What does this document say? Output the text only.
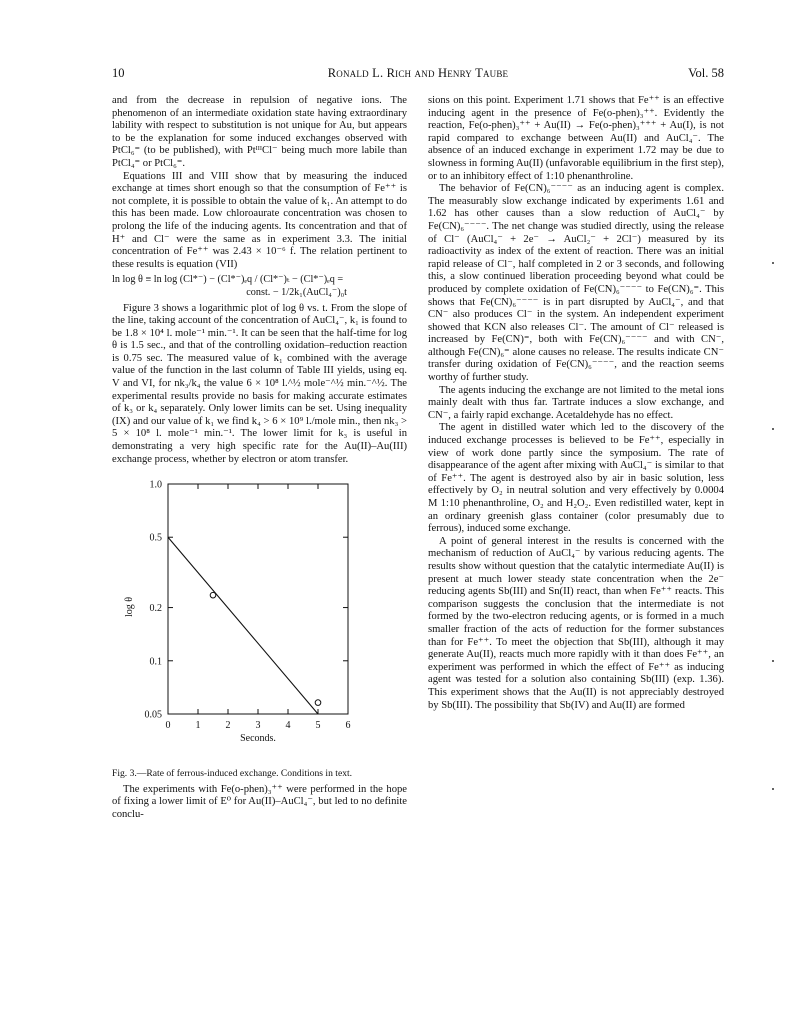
10	Ronald L. Rich and Henry Taube	Vol. 58

and from the decrease in repulsion of negative ions. The phenomenon of an intermediate oxidation state having extraordinary lability with respect to substitution is not unique for Au, but appears to be the explanation for some induced exchanges observed with PtCl₆⁼ (to be published), with PtᴵᴵᴵCl⁻ being much more labile than PtCl₄⁼ or PtCl₆⁼.

Equations III and VIII show that by measuring the induced exchange at times short enough so that the consumption of Fe⁺⁺ is not complete, it is possible to obtain the value of k₁. An attempt to do this has been made. Low chloroaurate concentration was chosen to prolong the life of the inducing agents. Its concentration and that of H⁺ and Cl⁻ were the same as in experiment 3.3. The initial concentration of Fe⁺⁺ was 2.43 × 10⁻⁶ f. The relation pertinent to these results is equation (VII)

ln log θ ≡ ln log (Cl*⁻) − (Cl*⁻)ₑq / (Cl*⁻)ₜ − (Cl*⁻)ₑq =
const. − 1/2k₁(AuCl₄⁻)₀t

Figure 3 shows a logarithmic plot of log θ vs. t. From the slope of the line, taking account of the concentration of AuCl₄⁻, k₁ is found to be 1.8 × 10⁴ l. mole⁻¹ min.⁻¹. It can be seen that the half-time for log θ is 1.5 sec., and that of the controlling oxidation–reduction reaction is 0.75 sec. The measured value of k₁ combined with the average value of the function in the last column of Table III yields, using eq. V and VI, for nk₃/k₄ the value 6 × 10⁸ l.^½ mole⁻^½ min.⁻^½. The experimental results provide no basis for making accurate estimates of k₃ or k₄ separately. Only lower limits can be set. Using inequality (IX) and our value of k₁ we find k₄ > 6 × 10⁹ l./mole min., then nk₃ > 5 × 10⁸ l. mole⁻¹ min.⁻¹. The lower limit for k₃ is useful in demonstrating a very high specific rate for the Au(II)–Au(III) exchange process, whether by electron or atom transfer.

0	1	2	3	4	5	6
0.05
0.1
0.2
0.5
1.0
Seconds.
log θ
Fig. 3.—Rate of ferrous-induced exchange. Conditions in text.

The experiments with Fe(o-phen)₃⁺⁺ were performed in the hope of fixing a lower limit of E⁰ for Au(II)–AuCl₄⁻, but led to no definite conclu-

sions on this point. Experiment 1.71 shows that Fe⁺⁺ is an effective inducing agent in the presence of Fe(o-phen)₃⁺⁺. Evidently the reaction, Fe(o-phen)₃⁺⁺ + Au(II) → Fe(o-phen)₃⁺⁺⁺ + Au(I), is not rapid compared to exchange between Au(II) and AuCl₄⁻. The absence of an induced exchange in experiment 1.72 may be due to slowness in forming Au(II) (unfavorable equilibrium in the first step), or to an inhibitory effect of 1:10 phenanthroline.

The behavior of Fe(CN)₆⁻⁻⁻⁻ as an inducing agent is complex. The measurably slow exchange indicated by experiments 1.61 and 1.62 has other causes than a slow reduction of AuCl₄⁻ by Fe(CN)₆⁻⁻⁻⁻. The net change was studied directly, using the release of Cl⁻ (AuCl₄⁻ + 2e⁻ → AuCl₂⁻ + 2Cl⁻) measured by its radioactivity as index of the extent of reaction. There was an initial rapid release of Cl⁻, half completed in 2 or 3 seconds, and following this, a slow continued liberation proceeding beyond what could be produced by complete oxidation of Fe(CN)₆⁻⁻⁻⁻ to Fe(CN)₆⁼. This shows that Fe(CN)₆⁻⁻⁻⁻ is in part disrupted by AuCl₄⁻, and that CN⁻ also produces Cl⁻ in the system. An independent experiment showed that KCN also releases Cl⁻. The amount of Cl⁻ released is increased by Fe(CN)⁼, both with Fe(CN)₆⁻⁻⁻⁻ and with CN⁻, although Fe(CN)₆⁼ alone causes no release. The results indicate CN⁻ transfer during oxidation of Fe(CN)₆⁻⁻⁻⁻, and the reaction seems worthy of further study.

The agents inducing the exchange are not limited to the metal ions mainly dealt with thus far. Tartrate induces a slow exchange, and CN⁻, a fairly rapid exchange. Acetaldehyde has no effect.

The agent in distilled water which led to the discovery of the induced exchange processes is believed to be Fe⁺⁺, especially in view of work done partly since the symposium. The rate of disappearance of the agent after mixing with AuCl₄⁻ is similar to that of Fe⁺⁺. The agent is destroyed also by air in basic solution, less effectively by O₂ in neutral solution and very effectively by 0.0004 M 1:10 phenanthroline, O₂ and H₂O₂. Even redistilled water, kept in an ordinary greenish glass container (color presumably due to ferrous), induced some exchange.

A point of general interest in the results is concerned with the mechanism of reduction of AuCl₄⁻ by various reducing agents. The results show without question that the catalytic intermediate Au(II) is present at much lower steady state concentration when the 2e⁻ reducing agents Sb(III) and Sn(II) react, than when Fe⁺⁺ reacts. This comparison suggests the conclusion that the intermediate is not formed by the two-electron reducing agents, or is formed in a much smaller fraction of the acts of reduction for the former substances than for Fe⁺⁺. To meet the objection that Sb(III), although it may generate Au(II), reacts much more rapidly with it than does Fe⁺⁺, an experiment was performed in which the effect of Fe⁺⁺ as inducing agent was tested for a solution also containing Sb(III) (exp. 1.36). This experiment shows that the Au(II) is not appreciably destroyed by Sb(III). The possibility that Sb(IV) and Au(II) are formed
